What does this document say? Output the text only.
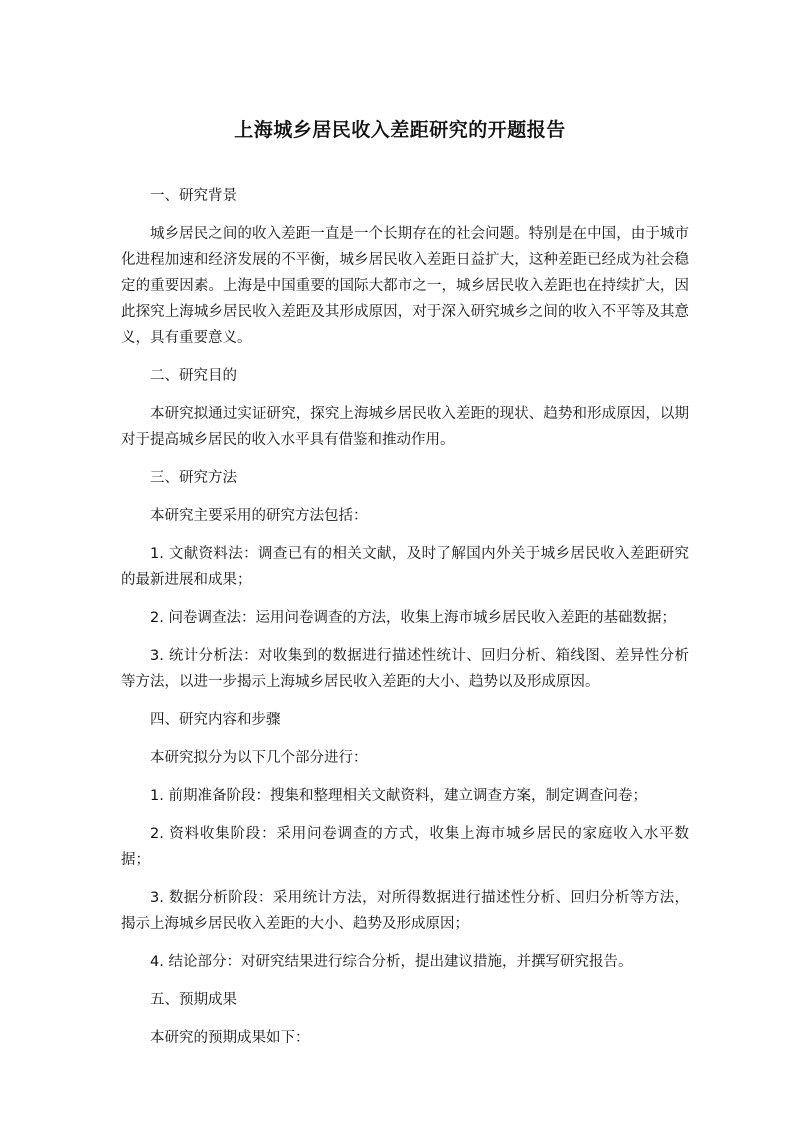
上海城乡居民收入差距研究的开题报告

一、研究背景

城乡居民之间的收入差距一直是一个长期存在的社会问题。特别是在中国，由于城市化进程加速和经济发展的不平衡，城乡居民收入差距日益扩大，这种差距已经成为社会稳定的重要因素。上海是中国重要的国际大都市之一，城乡居民收入差距也在持续扩大，因此探究上海城乡居民收入差距及其形成原因，对于深入研究城乡之间的收入不平等及其意义，具有重要意义。

二、研究目的

本研究拟通过实证研究，探究上海城乡居民收入差距的现状、趋势和形成原因，以期对于提高城乡居民的收入水平具有借鉴和推动作用。

三、研究方法

本研究主要采用的研究方法包括：

1. 文献资料法：调查已有的相关文献，及时了解国内外关于城乡居民收入差距研究的最新进展和成果；

2. 问卷调查法：运用问卷调查的方法，收集上海市城乡居民收入差距的基础数据；

3. 统计分析法：对收集到的数据进行描述性统计、回归分析、箱线图、差异性分析等方法，以进一步揭示上海城乡居民收入差距的大小、趋势以及形成原因。

四、研究内容和步骤

本研究拟分为以下几个部分进行：

1. 前期准备阶段：搜集和整理相关文献资料，建立调查方案，制定调查问卷；

2. 资料收集阶段：采用问卷调查的方式，收集上海市城乡居民的家庭收入水平数据；

3. 数据分析阶段：采用统计方法，对所得数据进行描述性分析、回归分析等方法，揭示上海城乡居民收入差距的大小、趋势及形成原因；

4. 结论部分：对研究结果进行综合分析，提出建议措施，并撰写研究报告。

五、预期成果

本研究的预期成果如下：
